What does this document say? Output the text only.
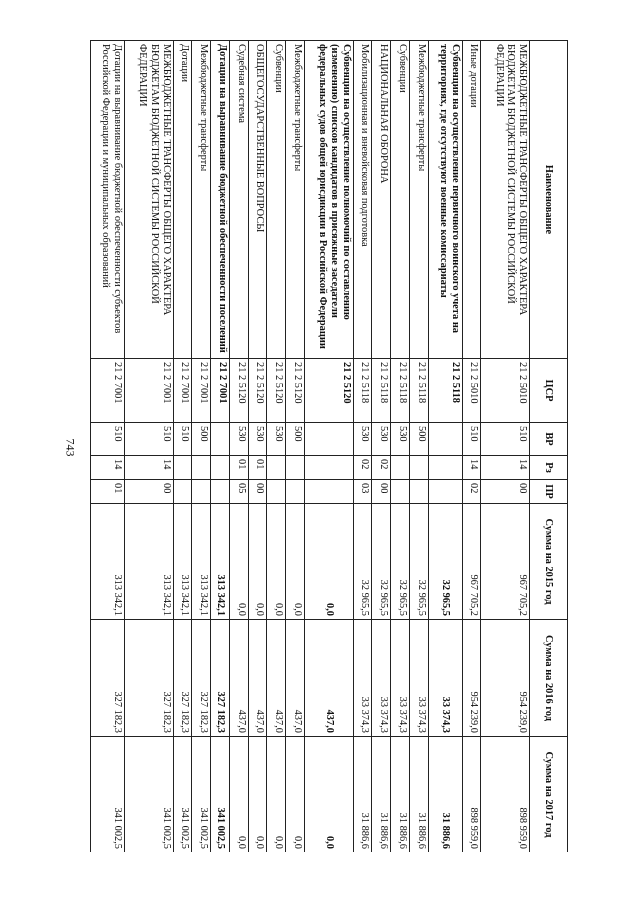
743
Наименование	ЦСР	ВР	Рз	ПР	Сумма на 2015 год	Сумма на 2016 год	Сумма на 2017 год
МЕЖБЮДЖЕТНЫЕ ТРАНСФЕРТЫ ОБЩЕГО ХАРАКТЕРА БЮДЖЕТАМ БЮДЖЕТНОЙ СИСТЕМЫ РОССИЙСКОЙ ФЕДЕРАЦИИ	21 2 5010	510	14	00	967 705,2	954 239,0	898 959,0
Иные дотации	21 2 5010	510	14	02	967 705,2	954 239,0	898 959,0
Субвенции на осуществление первичного воинского учета на территориях, где отсутствуют военные комиссариаты	21 2 5118				32 965,5	33 374,3	31 886,6
Межбюджетные трансферты	21 2 5118	500			32 965,5	33 374,3	31 886,6
Субвенции	21 2 5118	530			32 965,5	33 374,3	31 886,6
НАЦИОНАЛЬНАЯ ОБОРОНА	21 2 5118	530	02	00	32 965,5	33 374,3	31 886,6
Мобилизационная и вневойсковая подготовка	21 2 5118	530	02	03	32 965,5	33 374,3	31 886,6
Субвенции на осуществление полномочий по составлению (изменению) списков кандидатов в присяжные заседатели федеральных судов общей юрисдикции в Российской Федерации	21 2 5120				0,0	437,0	0,0
Межбюджетные трансферты	21 2 5120	500			0,0	437,0	0,0
Субвенции	21 2 5120	530			0,0	437,0	0,0
ОБЩЕГОСУДАРСТВЕННЫЕ ВОПРОСЫ	21 2 5120	530	01	00	0,0	437,0	0,0
Судебная система	21 2 5120	530	01	05	0,0	437,0	0,0
Дотации на выравнивание бюджетной обеспеченности поселений	21 2 7001				313 342,1	327 182,3	341 002,5
Межбюджетные трансферты	21 2 7001	500			313 342,1	327 182,3	341 002,5
Дотации	21 2 7001	510			313 342,1	327 182,3	341 002,5
МЕЖБЮДЖЕТНЫЕ ТРАНСФЕРТЫ ОБЩЕГО ХАРАКТЕРА БЮДЖЕТАМ БЮДЖЕТНОЙ СИСТЕМЫ РОССИЙСКОЙ ФЕДЕРАЦИИ	21 2 7001	510	14	00	313 342,1	327 182,3	341 002,5
Дотации на выравнивание бюджетной обеспеченности субъектов Российской Федерации и муниципальных образований	21 2 7001	510	14	01	313 342,1	327 182,3	341 002,5
